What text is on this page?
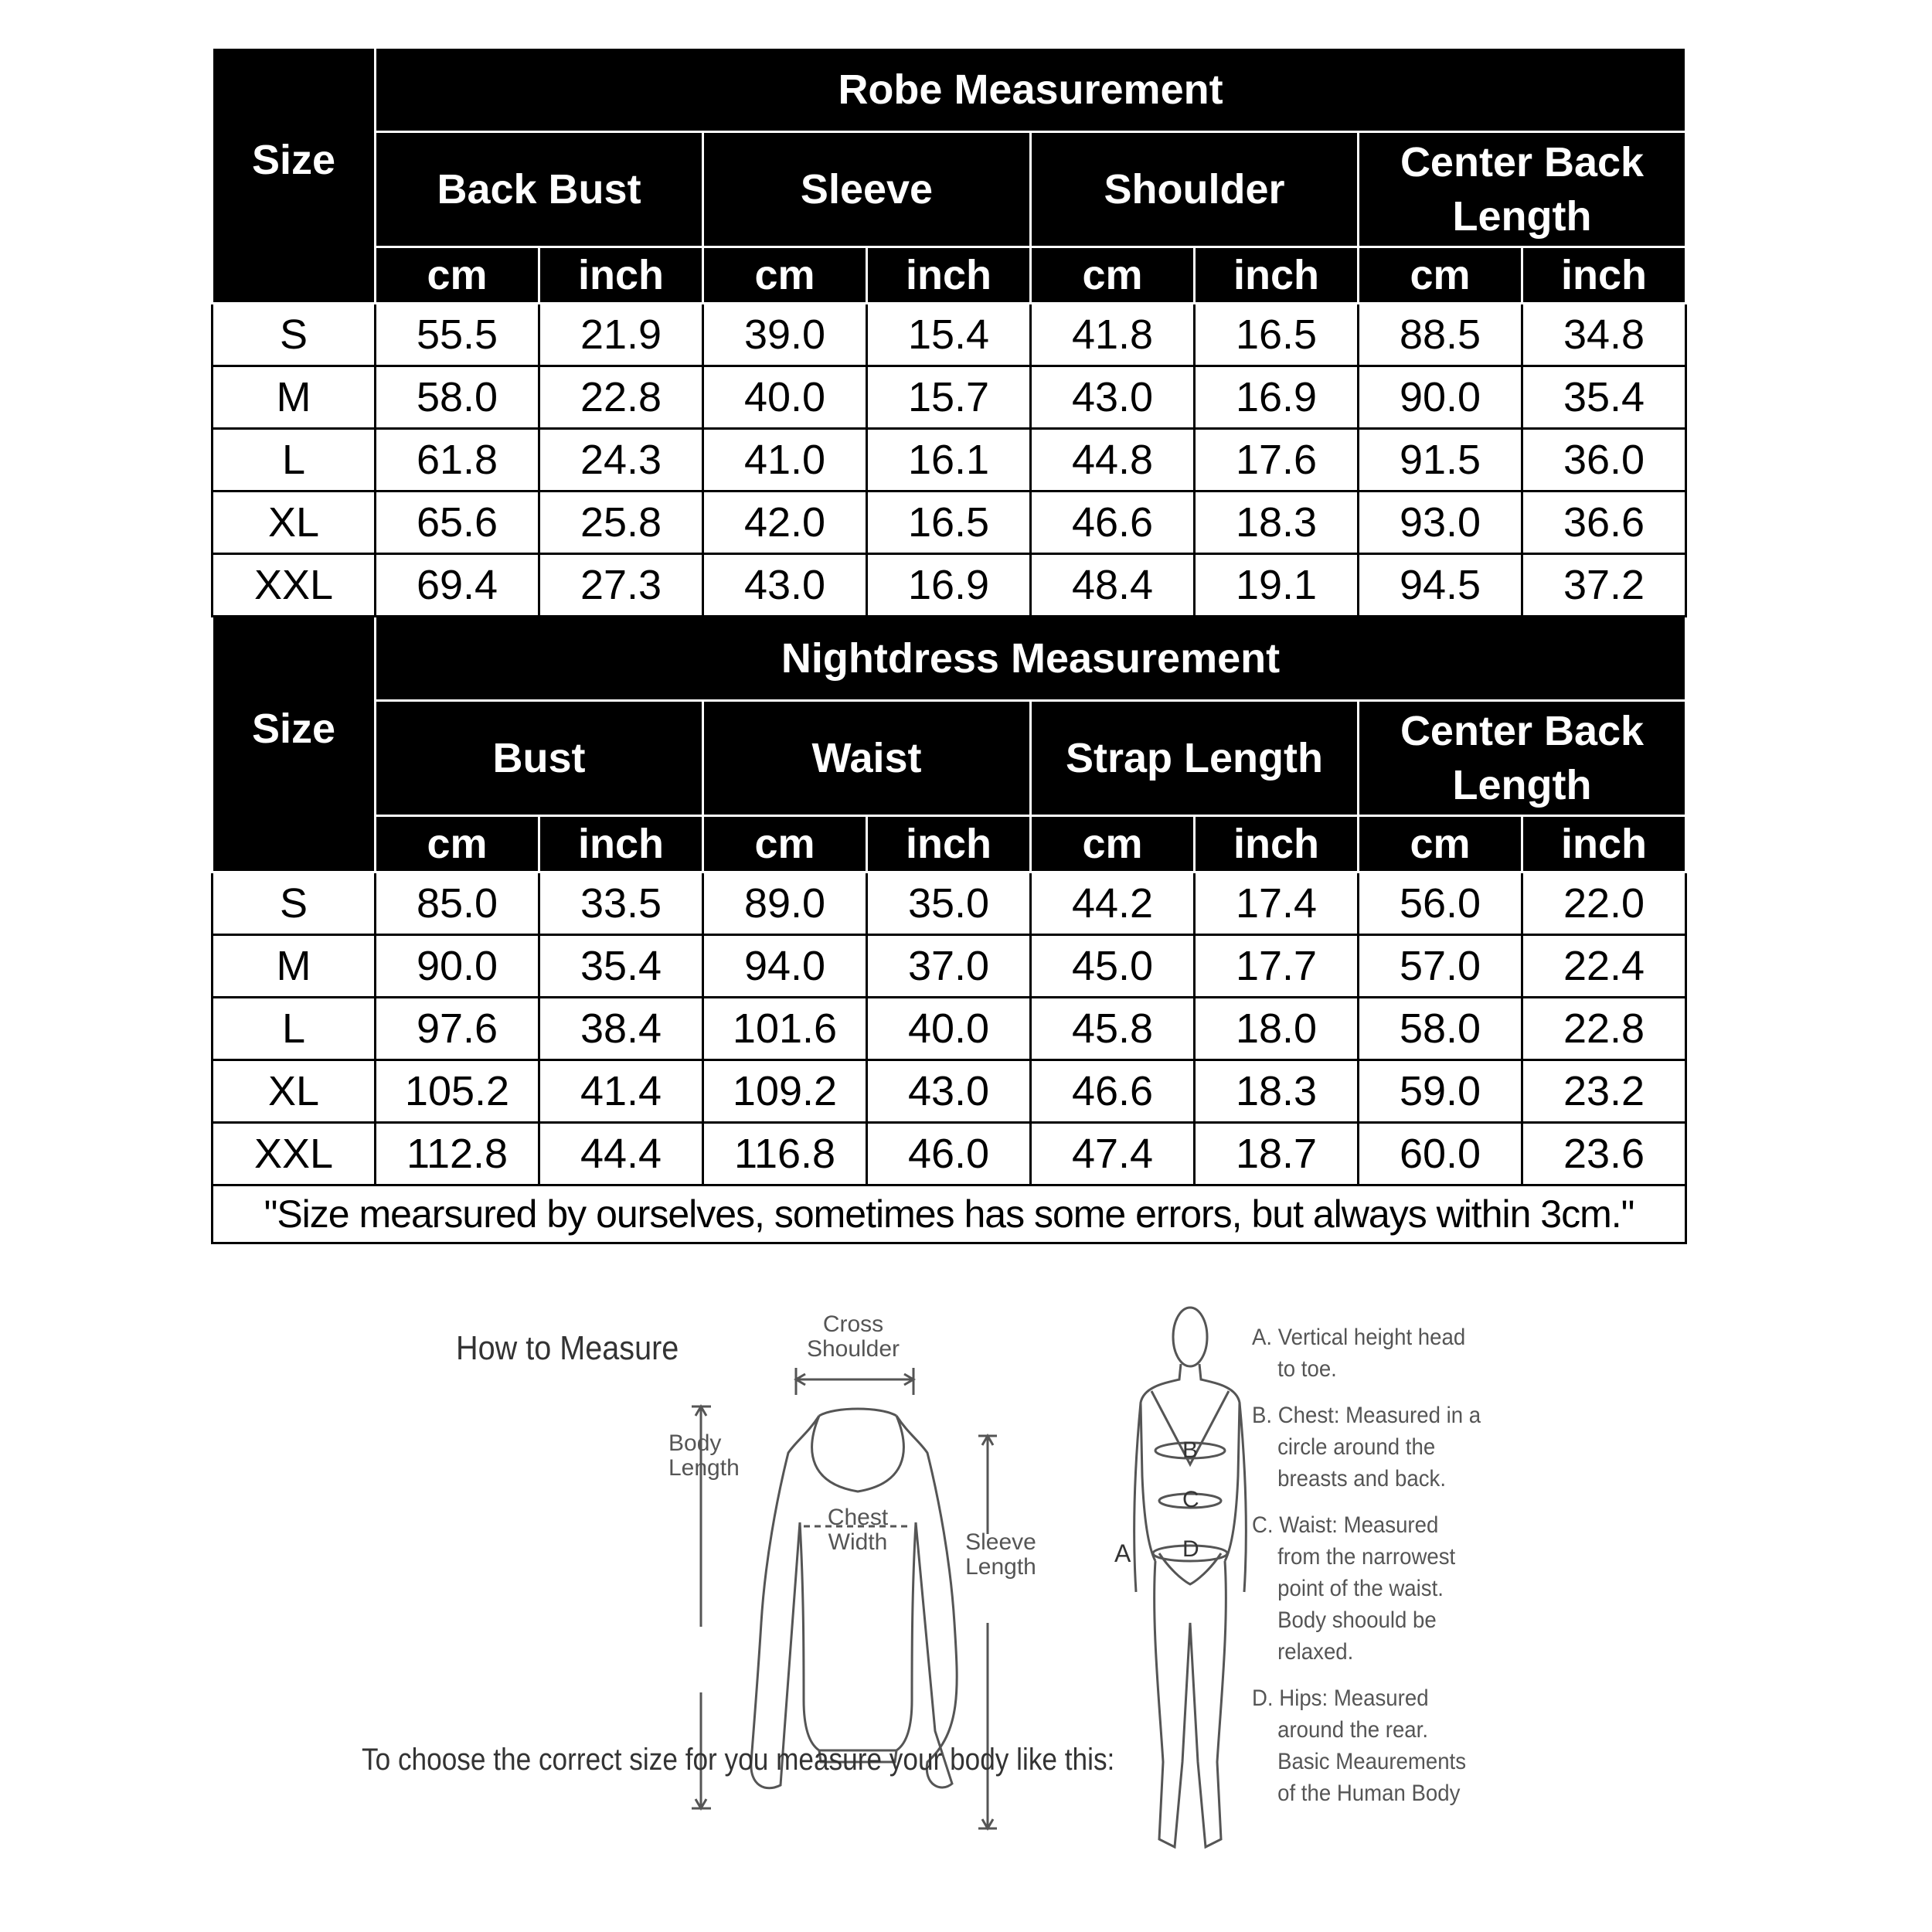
Size	Robe Measurement							
	Back Bust		Sleeve		Shoulder		Center Back Length	
	cm	inch	cm	inch	cm	inch	cm	inch
S	55.5	21.9	39.0	15.4	41.8	16.5	88.5	34.8
M	58.0	22.8	40.0	15.7	43.0	16.9	90.0	35.4
L	61.8	24.3	41.0	16.1	44.8	17.6	91.5	36.0
XL	65.6	25.8	42.0	16.5	46.6	18.3	93.0	36.6
XXL	69.4	27.3	43.0	16.9	48.4	19.1	94.5	37.2
Size	Nightdress Measurement							
	Bust		Waist		Strap Length		Center Back Length	
	cm	inch	cm	inch	cm	inch	cm	inch
S	85.0	33.5	89.0	35.0	44.2	17.4	56.0	22.0
M	90.0	35.4	94.0	37.0	45.0	17.7	57.0	22.4
L	97.6	38.4	101.6	40.0	45.8	18.0	58.0	22.8
XL	105.2	41.4	109.2	43.0	46.6	18.3	59.0	23.2
XXL	112.8	44.4	116.8	46.0	47.4	18.7	60.0	23.6
"Size mearsured by ourselves, sometimes has some errors, but always within 3cm."								
How to Measure
Cross
Shoulder
Body
Length
Chest
Width	Sleeve
Length	A
B
C
D
To choose the correct size for you measure your body like this:

A. Vertical height head
to toe.

B. Chest: Measured in a
circle around the
breasts and back.

C. Waist: Measured
from the narrowest
point of the waist.
Body shoould be
relaxed.

D. Hips: Measured
around the rear.
Basic Meaurements
of the Human Body
